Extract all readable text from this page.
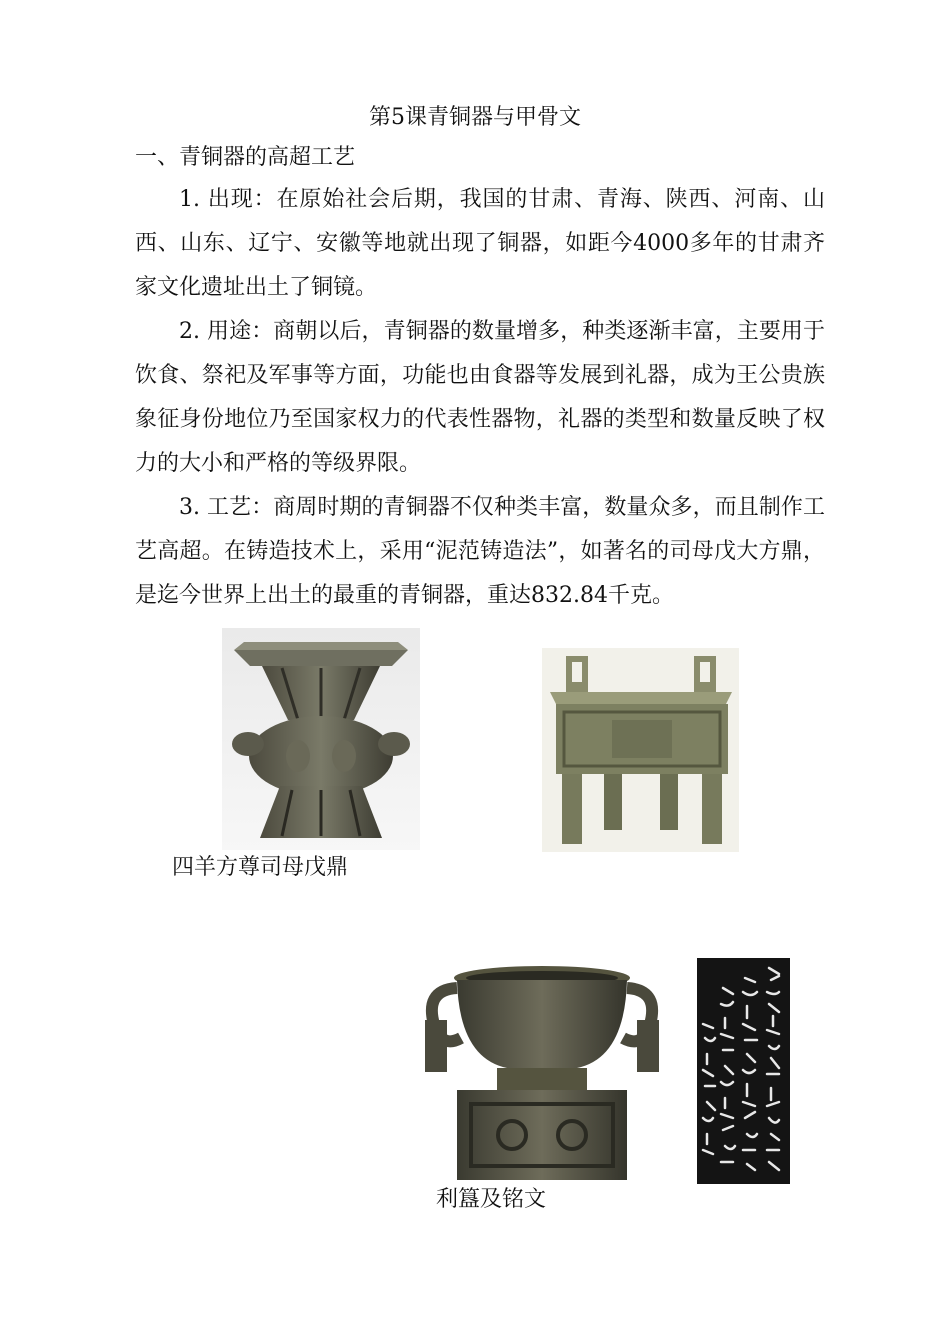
第5课青铜器与甲骨文
一、青铜器的高超工艺
1. 出现：在原始社会后期，我国的甘肃、青海、陕西、河南、山西、山东、辽宁、安徽等地就出现了铜器，如距今4000多年的甘肃齐家文化遗址出土了铜镜。
2. 用途：商朝以后，青铜器的数量增多，种类逐渐丰富，主要用于饮食、祭祀及军事等方面，功能也由食器等发展到礼器，成为王公贵族象征身份地位乃至国家权力的代表性器物，礼器的类型和数量反映了权力的大小和严格的等级界限。
3. 工艺：商周时期的青铜器不仅种类丰富，数量众多，而且制作工艺高超。在铸造技术上，采用“泥范铸造法”，如著名的司母戊大方鼎，是迄今世界上出土的最重的青铜器，重达832.84千克。
四羊方尊司母戊鼎
利簋及铭文
